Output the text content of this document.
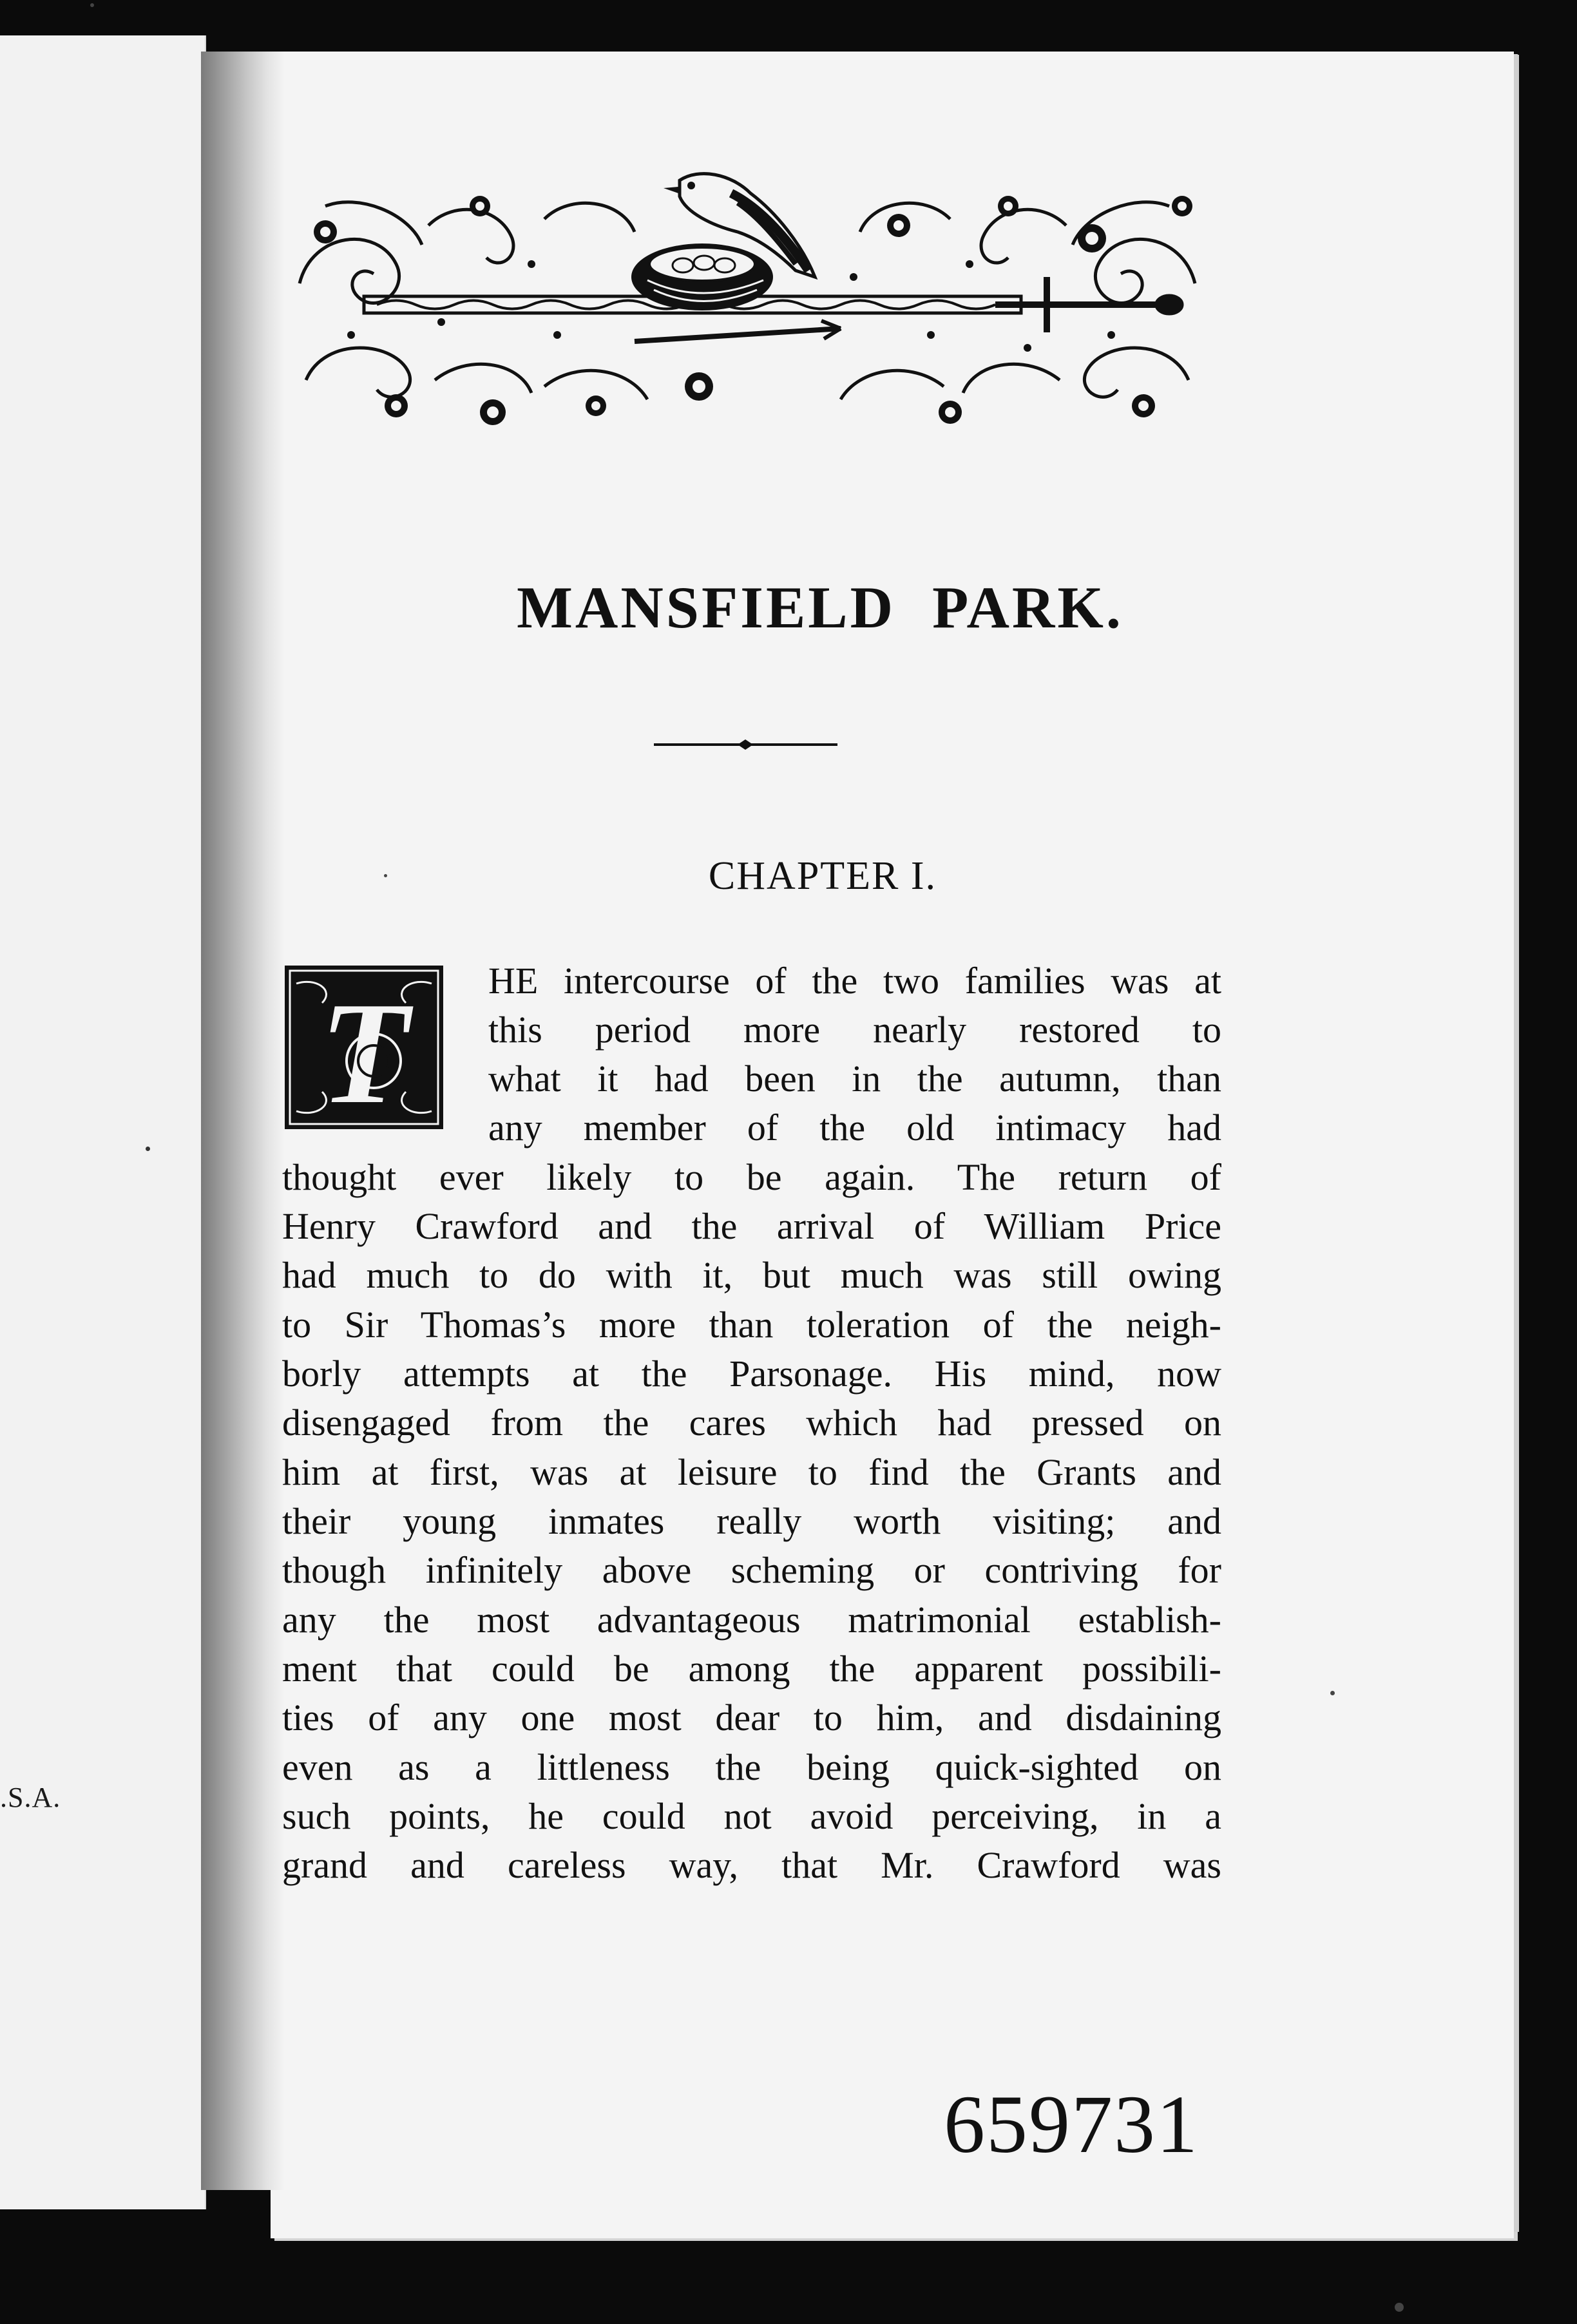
.S.A.
MANSFIELD PARK.
CHAPTER I.
T HE intercourse of the two families was at
this period more nearly restored to
what it had been in the autumn, than
any member of the old intimacy had
thought ever likely to be again. The return of
Henry Crawford and the arrival of William Price
had much to do with it, but much was still owing
to Sir Thomas’s more than toleration of the neigh-
borly attempts at the Parsonage. His mind, now
disengaged from the cares which had pressed on
him at first, was at leisure to find the Grants and
their young inmates really worth visiting; and
though infinitely above scheming or contriving for
any the most advantageous matrimonial establish-
ment that could be among the apparent possibili-
ties of any one most dear to him, and disdaining
even as a littleness the being quick-sighted on
such points, he could not avoid perceiving, in a
grand and careless way, that Mr. Crawford was
659731
